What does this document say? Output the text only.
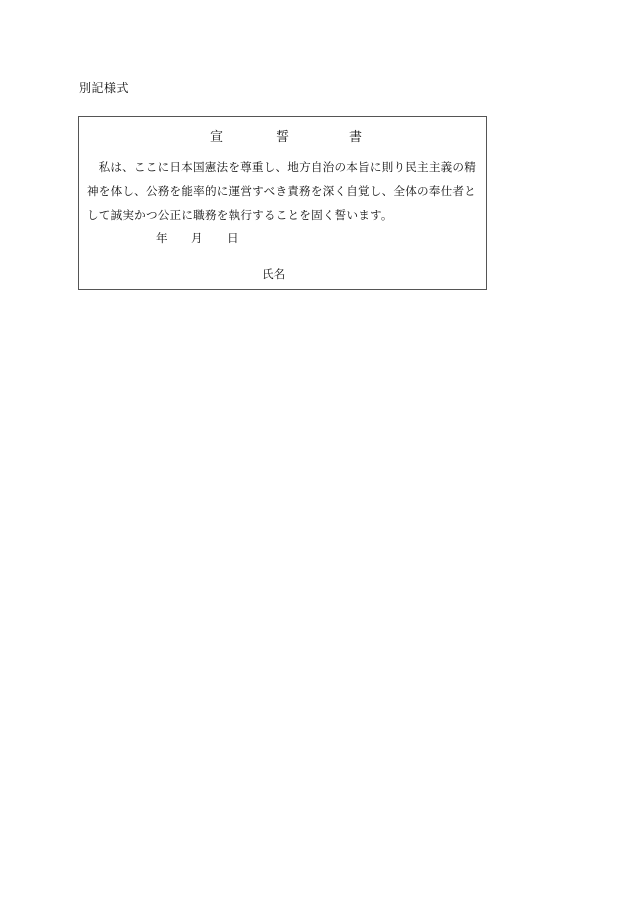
別記様式
宣	誓	書

私は、ここに日本国憲法を尊重し、地方自治の本旨に則り民主主義の精神を体し、公務を能率的に運営すべき責務を深く自覚し、全体の奉仕者として誠実かつ公正に職務を執行することを固く誓います。

年 月 日
氏名
